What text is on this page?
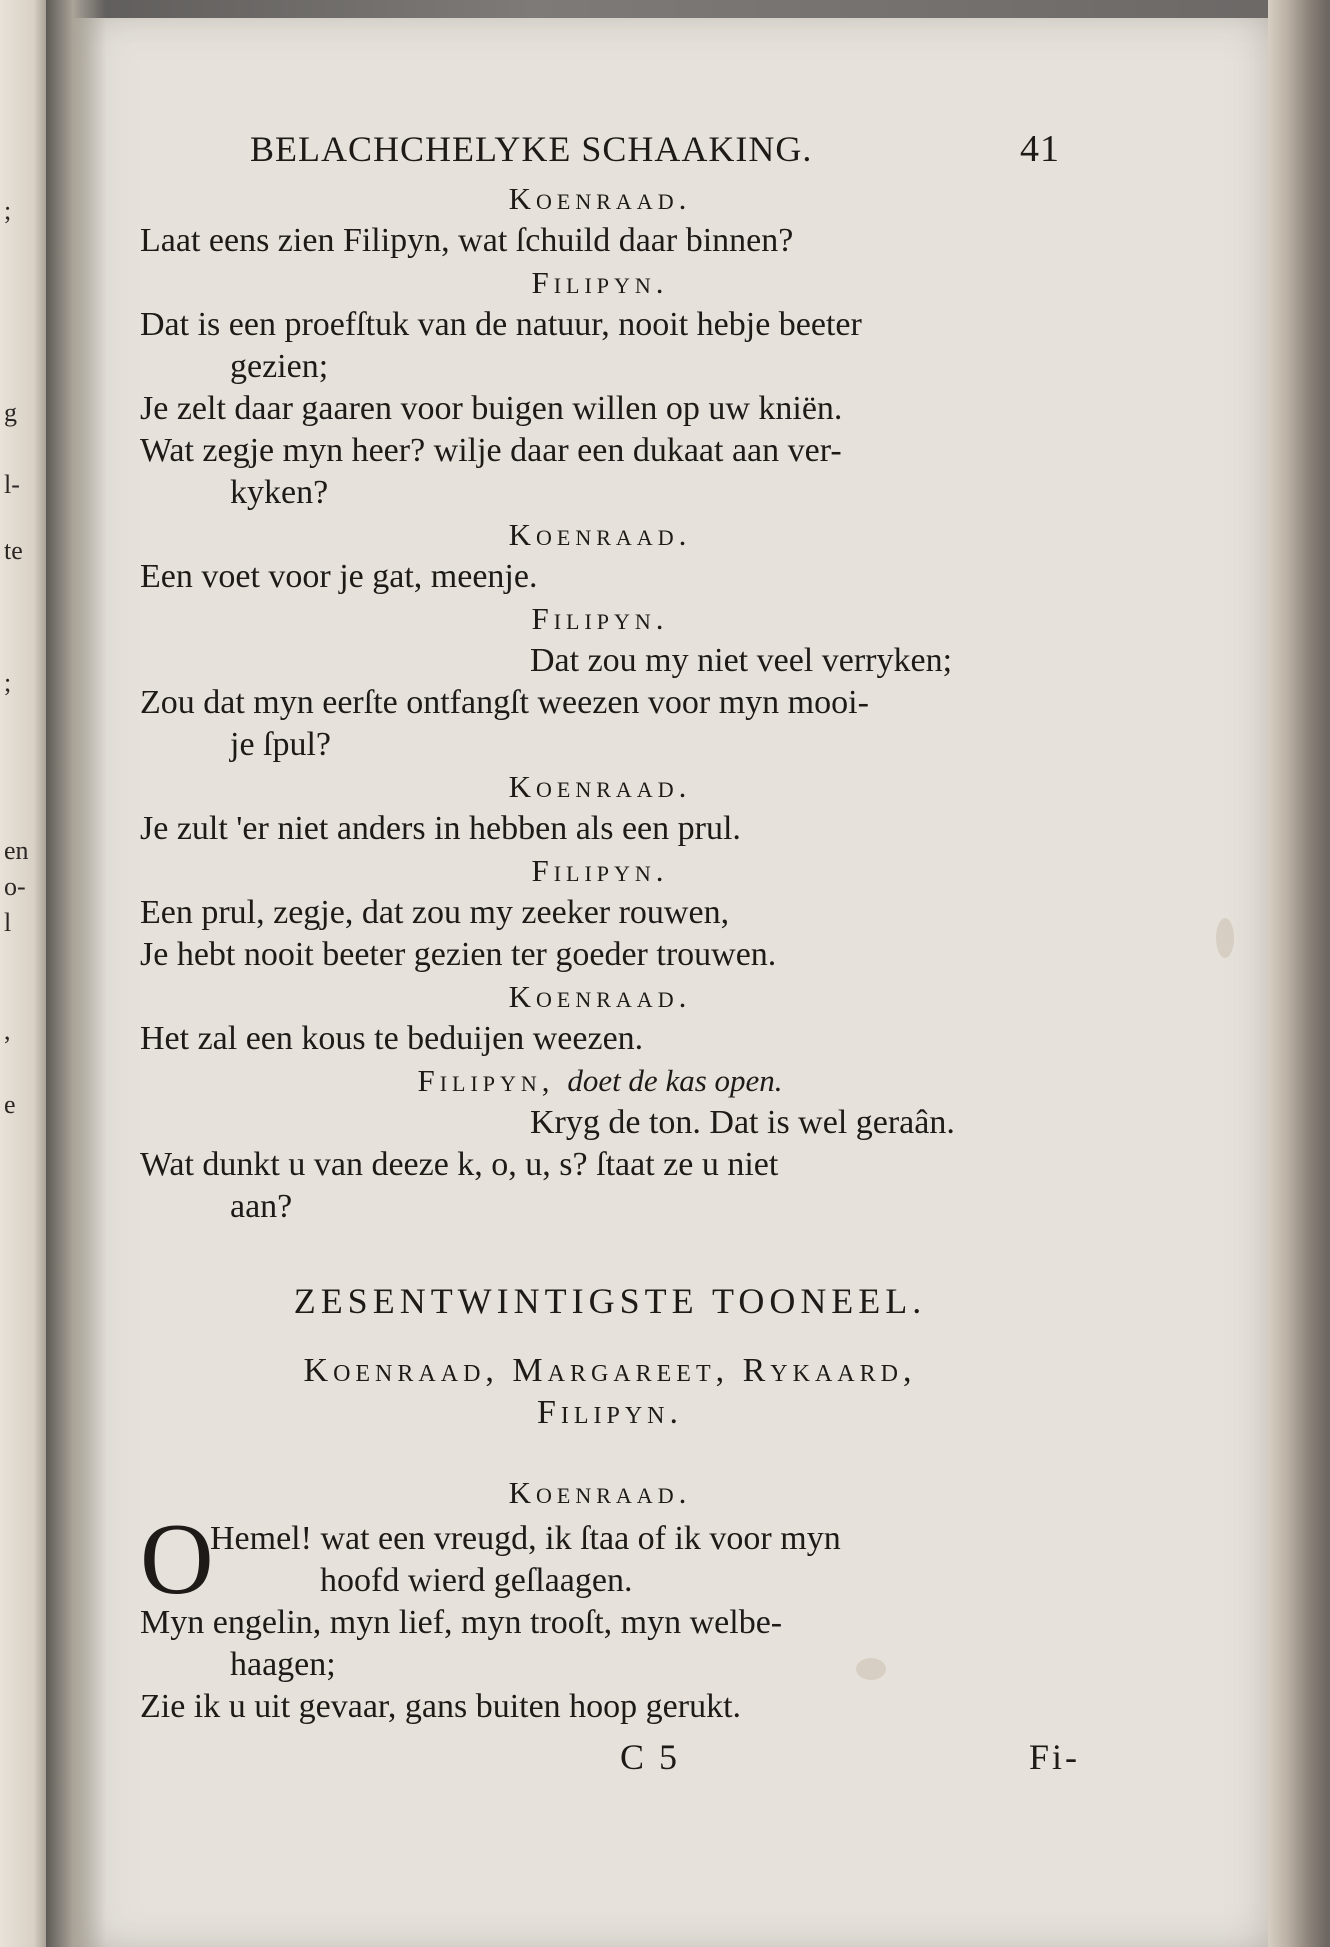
;
g
l-
te
;
en
o-
l
,
e
BELACHCHELYKE SCHAAKING.	41
Koenraad.
Laat eens zien Filipyn, wat ſchuild daar binnen?
Filipyn.
Dat is een proefſtuk van de natuur, nooit hebje beeter
gezien;
Je zelt daar gaaren voor buigen willen op uw kniën.
Wat zegje myn heer? wilje daar een dukaat aan ver-
kyken?
Koenraad.
Een voet voor je gat, meenje.
Filipyn.
Dat zou my niet veel verryken;
Zou dat myn eerſte ontfangſt weezen voor myn mooi-
je ſpul?
Koenraad.
Je zult 'er niet anders in hebben als een prul.
Filipyn.
Een prul, zegje, dat zou my zeeker rouwen,
Je hebt nooit beeter gezien ter goeder trouwen.
Koenraad.
Het zal een kous te beduijen weezen.
Filipyn, doet de kas open.
Kryg de ton. Dat is wel geraân.
Wat dunkt u van deeze k, o, u, s? ſtaat ze u niet
aan?
ZESENTWINTIGSTE TOONEEL.
Koenraad, Margareet, Rykaard,
Filipyn.
Koenraad.
O
Hemel! wat een vreugd, ik ſtaa of ik voor myn
hoofd wierd geſlaagen.
Myn engelin, myn lief, myn trooſt, myn welbe-
haagen;
Zie ik u uit gevaar, gans buiten hoop gerukt.
C 5	Fi-
